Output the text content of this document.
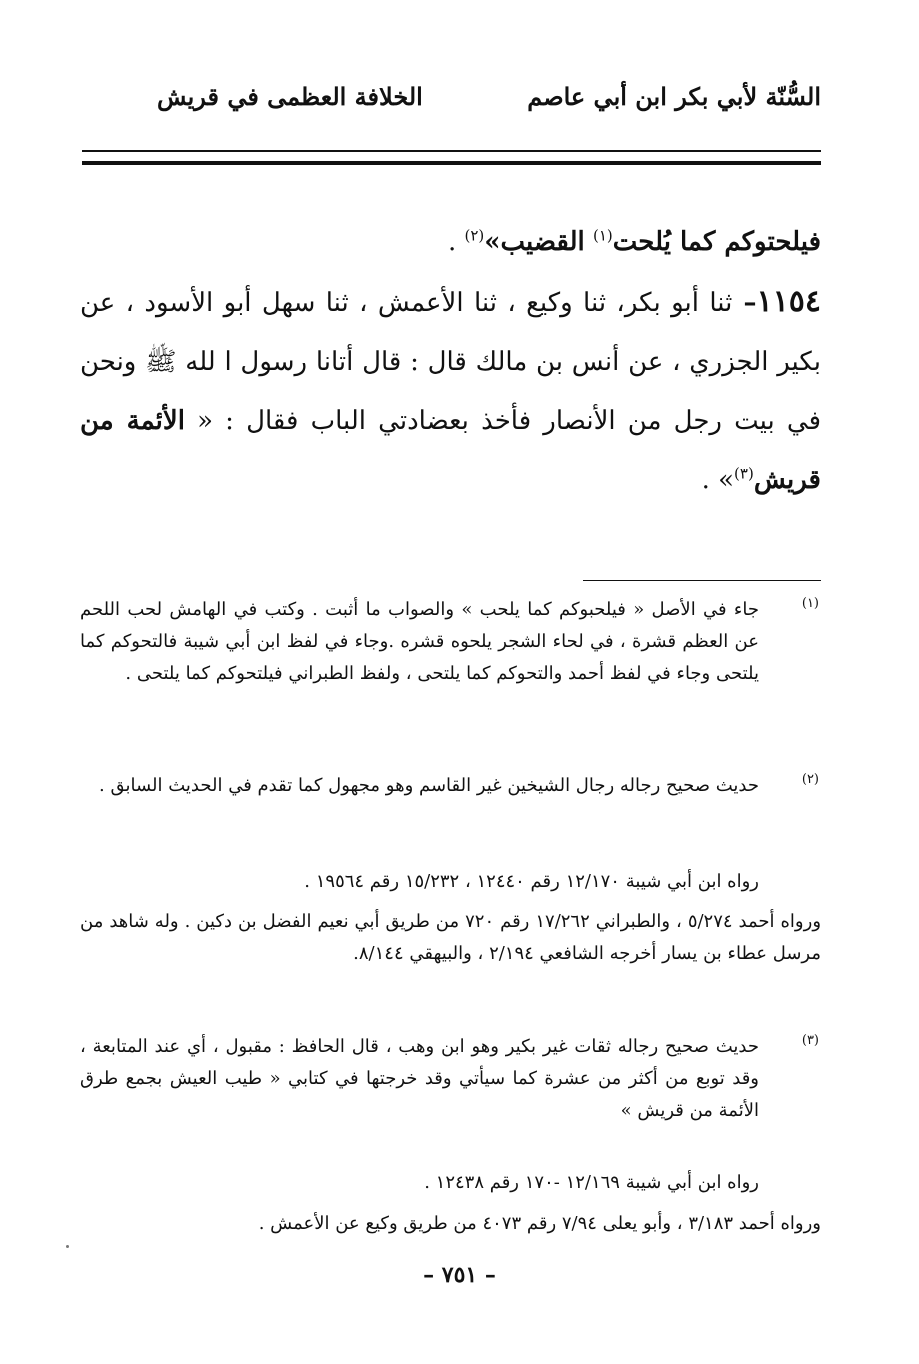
السُّنّة لأبي بكر ابن أبي عاصم
الخلافة العظمى في قريش

فيلحتوكم كما يُلحت$^{(١)}$ القضيب»$^{(٢)}$ .

١١٥٤– ثنا أبو بكر، ثنا وكيع ، ثنا الأعمش ، ثنا سهل أبو الأسود ، عن بكير الجزري ، عن أنس بن مالك قال : قال أتانا رسول ا لله ﷺ ونحن في بيت رجل من الأنصار فأخذ بعضادتي الباب فقال : « الأئمة من قريش$^{(٣)}$» .

(١)
جاء في الأصل « فيلحبوكم كما يلحب » والصواب ما أثبت . وكتب في الهامش لحب اللحم عن العظم قشرة ، في لحاء الشجر يلحوه قشره .وجاء في لفظ ابن أبي شيبة فالتحوكم كما يلتحى وجاء في لفظ أحمد والتحوكم كما يلتحى ، ولفظ الطبراني فيلتحوكم كما يلتحى .
(٢)
حديث صحيح رجاله رجال الشيخين غير القاسم وهو مجهول كما تقدم في الحديث السابق .
رواه ابن أبي شيبة ١٢/١٧٠ رقم ١٢٤٤٠ ، ١٥/٢٣٢ رقم ١٩٥٦٤ .
ورواه أحمد ٥/٢٧٤ ، والطبراني ١٧/٢٦٢ رقم ٧٢٠ من طريق أبي نعيم الفضل بن دكين . وله شاهد من مرسل عطاء بن يسار أخرجه الشافعي ٢/١٩٤ ، والبيهقي ٨/١٤٤.
(٣)
حديث صحيح رجاله ثقات غير بكير وهو ابن وهب ، قال الحافظ : مقبول ، أي عند المتابعة ، وقد توبع من أكثر من عشرة كما سيأتي وقد خرجتها في كتابي « طيب العيش بجمع طرق الأئمة من قريش »
رواه ابن أبي شيبة ١٢/١٦٩ -١٧٠ رقم ١٢٤٣٨ .
ورواه أحمد ٣/١٨٣ ، وأبو يعلى ٧/٩٤ رقم ٤٠٧٣ من طريق وكيع عن الأعمش .
– ٧٥١ –
